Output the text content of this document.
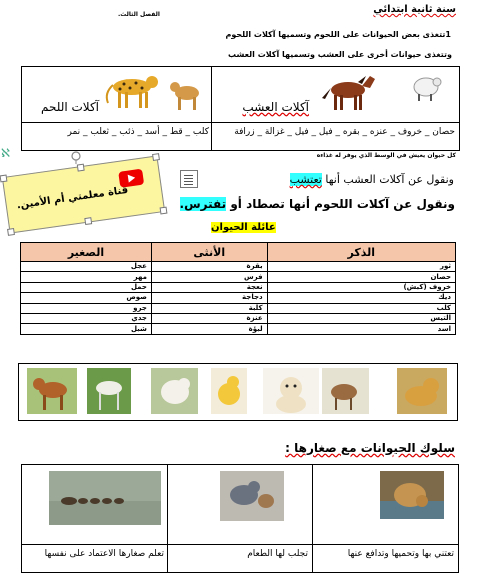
الفصل الثالث.	سنة ثانية ابتدائي
1تتغذى بعض الحيوانات على اللحوم وتسميها آكلات اللحوم
وتتغذى حيوانات أخرى على العشب وتسميها آكلات العشب
آكلات العشب
حصان _ خروف _ عنزه _ بقره _ فيل _ فيل _ غزالة _ زرافة
آكلات اللحم
كلب _ قط _ أسد _ ذئب _ ثعلب _ نمر
ℵ
قناة معلمتي أم الأمين.
كل حيوان يعيش في الوسط الذي يوفر له غذاءه
ونقول عن آكلات العشب أنها تعتشب
ونقول عن آكلات اللحوم أنها تصطاد أو تفترس.
عائلة الحيوان
الذكر	الأنثى	الصغير
ثور	بقرة	عجل
حصان	فرس	مهر
خروف (كبش)	نعجة	حمل
ديك	دجاجة	صوص
كلب	كلبة	جرو
التيس	عنزة	جدي
اسد	لبؤة	شبل
سلوك الحيوانات مع صغارها :
تعتني بها وتحميها وتدافع عنها
تجلب لها الطعام
تعلم صغارها الاعتماد على نفسها
